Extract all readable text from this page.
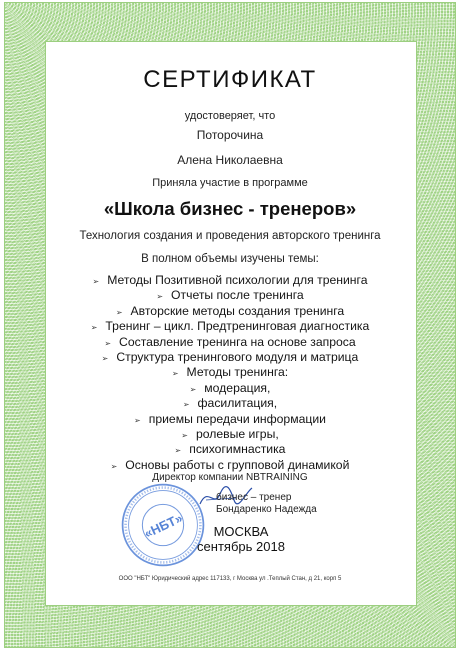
СЕРТИФИКАТ
удостоверяет, что
Поторочина
Алена Николаевна
Приняла участие в программе
«Школа бизнес - тренеров»
Технология создания и проведения авторского тренинга
В полном объемы изучены темы:
➢ Методы Позитивной психологии для тренинга
➢ Отчеты после тренинга
➢ Авторские методы создания тренинга
➢ Тренинг – цикл. Предтренинговая диагностика
➢ Составление тренинга на основе запроса
➢ Структура тренингового модуля и матрица
➢ Методы тренинга:
➢ модерация,
➢ фасилитация,
➢ приемы передачи информации
➢ ролевые игры,
➢ психогимнастика
➢ Основы работы с групповой динамикой
Директор компании NBTRAINING
«НБТ»
бизнес – тренер
Бондаренко Надежда
МОСКВА
сентябрь 2018
ООО "НБТ" Юридический адрес 117133, г Москва ул .Теплый Стан, д 21, корп 5
